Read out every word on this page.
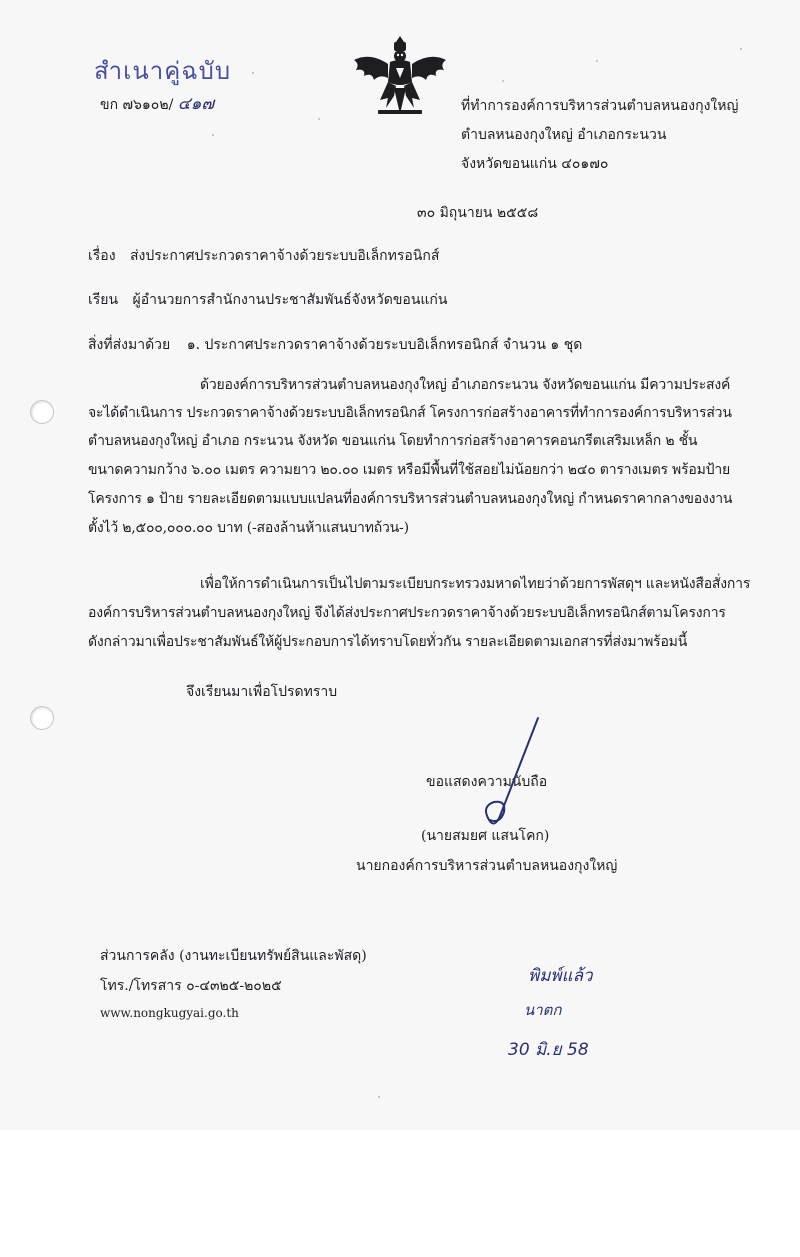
สำเนาคู่ฉบับ
ขก ๗๖๑๐๒/ ๔๑๗	ที่ทำการองค์การบริหารส่วนตำบลหนองกุงใหญ่
ตำบลหนองกุงใหญ่ อำเภอกระนวน
จังหวัดขอนแก่น ๔๐๑๗๐
๓๐ มิถุนายน ๒๕๕๘
เรื่อง ส่งประกาศประกวดราคาจ้างด้วยระบบอิเล็กทรอนิกส์
เรียน ผู้อำนวยการสำนักงานประชาสัมพันธ์จังหวัดขอนแก่น
สิ่งที่ส่งมาด้วย ๑. ประกาศประกวดราคาจ้างด้วยระบบอิเล็กทรอนิกส์ จำนวน ๑ ชุด
ด้วยองค์การบริหารส่วนตำบลหนองกุงใหญ่ อำเภอกระนวน จังหวัดขอนแก่น มีความประสงค์
จะได้ดำเนินการ ประกวดราคาจ้างด้วยระบบอิเล็กทรอนิกส์ โครงการก่อสร้างอาคารที่ทำการองค์การบริหารส่วน
ตำบลหนองกุงใหญ่ อำเภอ กระนวน จังหวัด ขอนแก่น โดยทำการก่อสร้างอาคารคอนกรีตเสริมเหล็ก ๒ ชั้น
ขนาดความกว้าง ๖.๐๐ เมตร ความยาว ๒๐.๐๐ เมตร หรือมีพื้นที่ใช้สอยไม่น้อยกว่า ๒๔๐ ตารางเมตร พร้อมป้าย
โครงการ ๑ ป้าย รายละเอียดตามแบบแปลนที่องค์การบริหารส่วนตำบลหนองกุงใหญ่ กำหนดราคากลางของงาน
ตั้งไว้ ๒,๕๐๐,๐๐๐.๐๐ บาท (-สองล้านห้าแสนบาทถ้วน-)
เพื่อให้การดำเนินการเป็นไปตามระเบียบกระทรวงมหาดไทยว่าด้วยการพัสดุฯ และหนังสือสั่งการ
องค์การบริหารส่วนตำบลหนองกุงใหญ่ จึงได้ส่งประกาศประกวดราคาจ้างด้วยระบบอิเล็กทรอนิกส์ตามโครงการ
ดังกล่าวมาเพื่อประชาสัมพันธ์ให้ผู้ประกอบการได้ทราบโดยทั่วกัน รายละเอียดตามเอกสารที่ส่งมาพร้อมนี้
จึงเรียนมาเพื่อโปรดทราบ
ขอแสดงความนับถือ
(นายสมยศ แสนโคก)
นายกองค์การบริหารส่วนตำบลหนองกุงใหญ่
ส่วนการคลัง (งานทะเบียนทรัพย์สินและพัสดุ)
โทร./โทรสาร ๐-๔๓๒๕-๒๐๒๕
www.nongkugyai.go.th
พิมพ์แล้ว
นาตก
30 มิ.ย 58
